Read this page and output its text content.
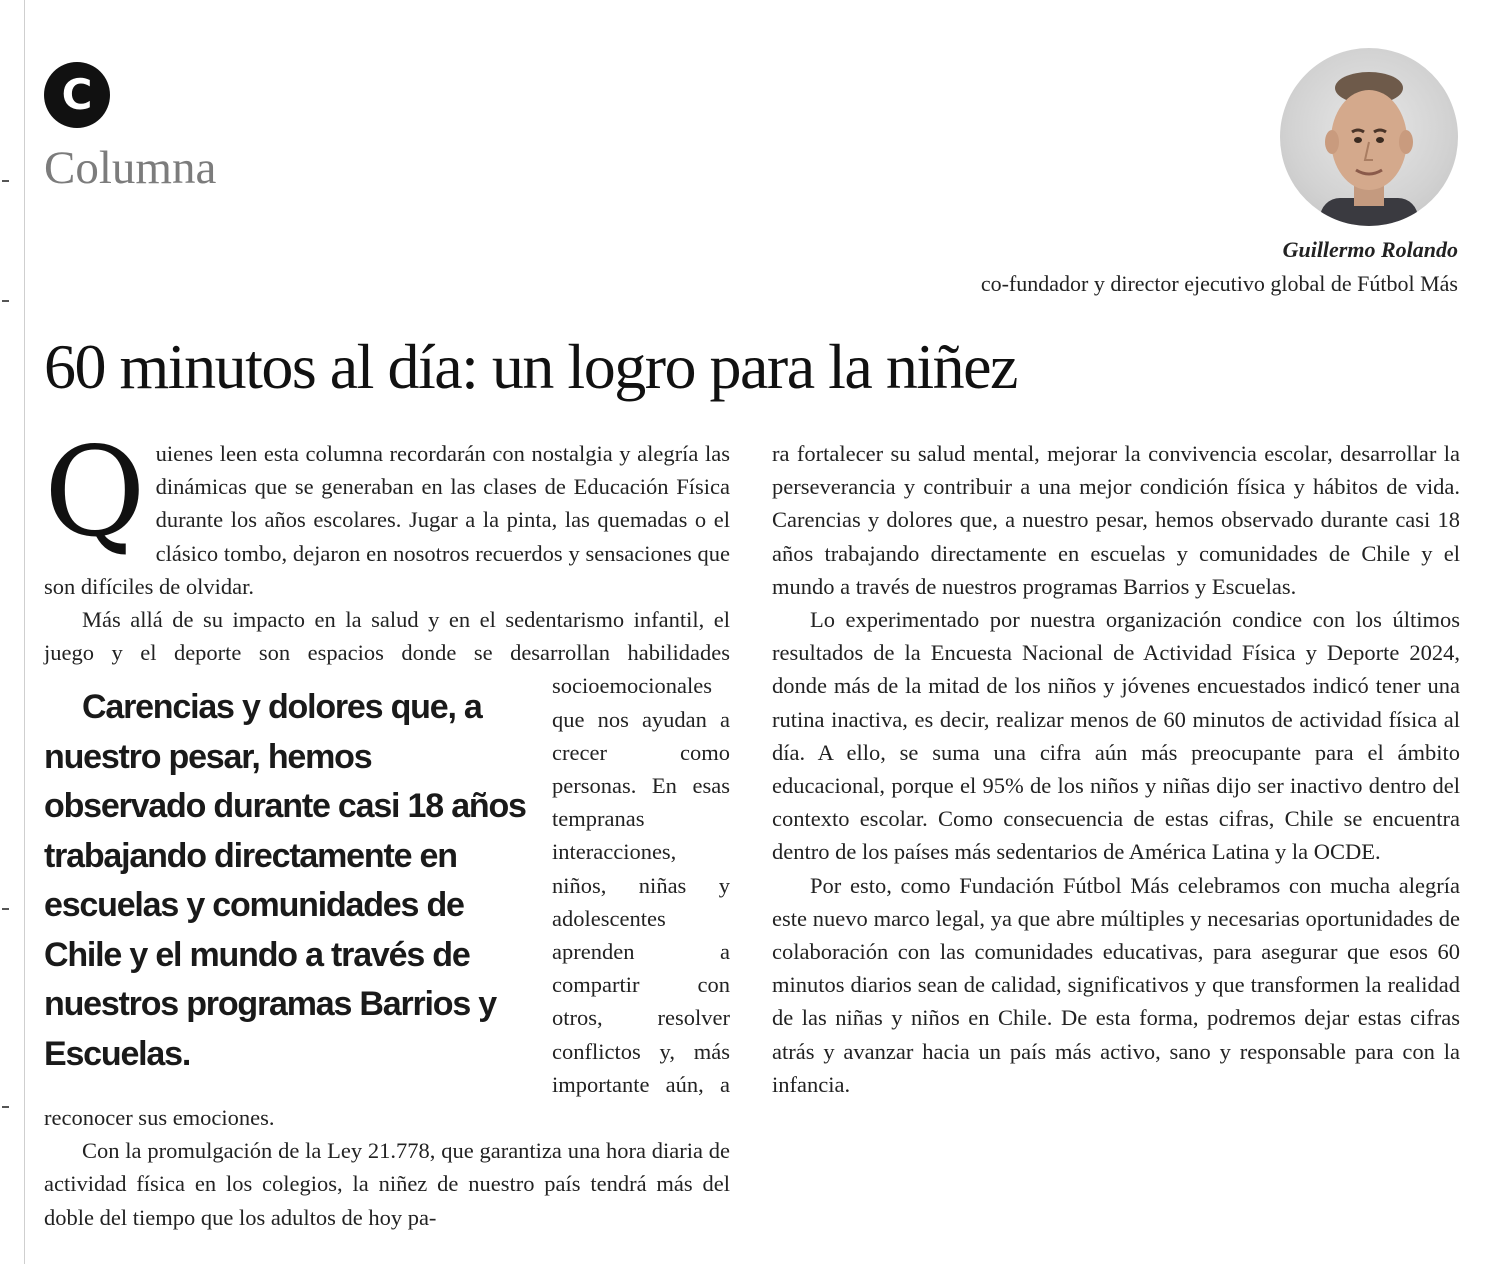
C
Columna
Guillermo Rolando
co-fundador y director ejecutivo global de Fútbol Más
60 minutos al día: un logro para la niñez

Quienes leen esta columna recordarán con nostalgia y alegría las dinámicas que se generaban en las clases de Educación Física durante los años escolares. Jugar a la pinta, las quemadas o el clásico tombo, dejaron en nosotros recuerdos y sensaciones que son difíciles de olvidar.

Más allá de su impacto en la salud y en el sedentarismo infantil, el juego y el deporte son espacios donde se desarrollan
Carencias y dolores que, a nuestro pesar, hemos observado durante casi 18 años trabajando directamente en escuelas y comunidades de Chile y el mundo a través de nuestros programas Barrios y Escuelas.
habilidades socioemocionales que nos ayudan a crecer como personas. En esas tempranas interacciones, niños, niñas y adolescentes aprenden a compartir con otros, resolver conflictos y, más importante aún, a reconocer sus emociones.

Con la promulgación de la Ley 21.778, que garantiza una hora diaria de actividad física en los colegios, la niñez de nuestro país tendrá más del doble del tiempo que los adultos de hoy pa-

ra fortalecer su salud mental, mejorar la convivencia escolar, desarrollar la perseverancia y contribuir a una mejor condición física y hábitos de vida. Carencias y dolores que, a nuestro pesar, hemos observado durante casi 18 años trabajando directamente en escuelas y comunidades de Chile y el mundo a través de nuestros programas Barrios y Escuelas.

Lo experimentado por nuestra organización condice con los últimos resultados de la Encuesta Nacional de Actividad Física y Deporte 2024, donde más de la mitad de los niños y jóvenes encuestados indicó tener una rutina inactiva, es decir, realizar menos de 60 minutos de actividad física al día. A ello, se suma una cifra aún más preocupante para el ámbito educacional, porque el 95% de los niños y niñas dijo ser inactivo dentro del contexto escolar. Como consecuencia de estas cifras, Chile se encuentra dentro de los países más sedentarios de América Latina y la OCDE.

Por esto, como Fundación Fútbol Más celebramos con mucha alegría este nuevo marco legal, ya que abre múltiples y necesarias oportunidades de colaboración con las comunidades educativas, para asegurar que esos 60 minutos diarios sean de calidad, significativos y que transformen la realidad de las niñas y niños en Chile. De esta forma, podremos dejar estas cifras atrás y avanzar hacia un país más activo, sano y responsable para con la infancia.
